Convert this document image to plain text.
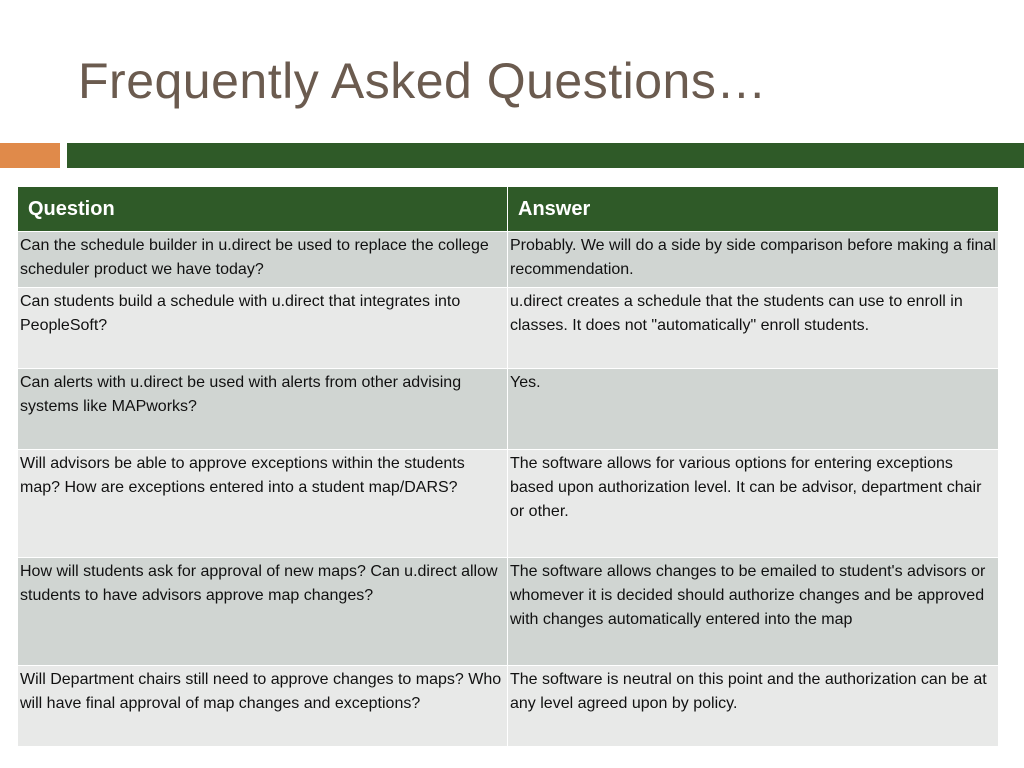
Frequently Asked Questions…
Question	Answer
Can the schedule builder in u.direct be used to replace the college scheduler product we have today?	Probably. We will do a side by side comparison before making a final recommendation.
Can students build a schedule with u.direct that integrates into PeopleSoft?	u.direct creates a schedule that the students can use to enroll in classes. It does not "automatically" enroll students.
Can alerts with u.direct be used with alerts from other advising systems like MAPworks?	Yes.
Will advisors be able to approve exceptions within the students map? How are exceptions entered into a student map/DARS?	The software allows for various options for entering exceptions based upon authorization level. It can be advisor, department chair or other.
How will students ask for approval of new maps? Can u.direct allow students to have advisors approve map changes?	The software allows changes to be emailed to student's advisors or whomever it is decided should authorize changes and be approved with changes automatically entered into the map
Will Department chairs still need to approve changes to maps? Who will have final approval of map changes and exceptions?	The software is neutral on this point and the authorization can be at any level agreed upon by policy.
